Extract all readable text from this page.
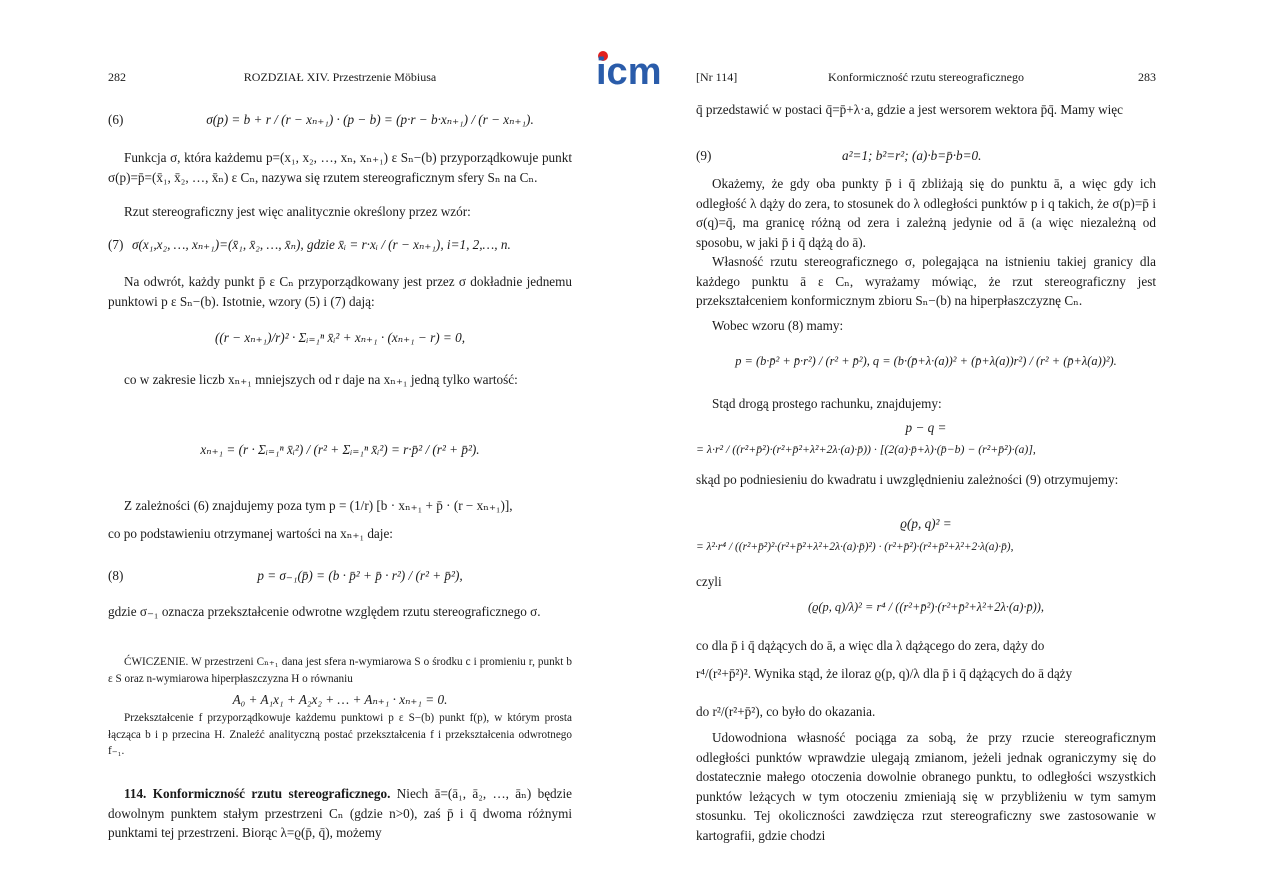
icm
282	ROZDZIAŁ XIV. Przestrzenie Möbiusa
(6)	σ(p) = b + r / (r − xₙ₊₁) · (p − b) = (p·r − b·xₙ₊₁) / (r − xₙ₊₁).
Funkcja σ, która każdemu p=(x₁, x₂, …, xₙ, xₙ₊₁) ε Sₙ−(b) przyporządkowuje punkt σ(p)=p̄=(x̄₁, x̄₂, …, x̄ₙ) ε Cₙ, nazywa się rzutem stereograficznym sfery Sₙ na Cₙ.
Rzut stereograficzny jest więc analitycznie określony przez wzór:
(7) σ(x₁,x₂, …, xₙ₊₁)=(x̄₁, x̄₂, …, x̄ₙ), gdzie x̄ᵢ = r·xᵢ / (r − xₙ₊₁), i=1, 2,…, n.
Na odwrót, każdy punkt p̄ ε Cₙ przyporządkowany jest przez σ dokładnie jednemu punktowi p ε Sₙ−(b). Istotnie, wzory (5) i (7) dają:
((r − xₙ₊₁)/r)² · Σᵢ₌₁ⁿ x̄ᵢ² + xₙ₊₁ · (xₙ₊₁ − r) = 0,
co w zakresie liczb xₙ₊₁ mniejszych od r daje na xₙ₊₁ jedną tylko wartość:
xₙ₊₁ = (r · Σᵢ₌₁ⁿ x̄ᵢ²) / (r² + Σᵢ₌₁ⁿ x̄ᵢ²) = r·p̄² / (r² + p̄²).
Z zależności (6) znajdujemy poza tym p = (1/r) [b · xₙ₊₁ + p̄ · (r − xₙ₊₁)],
co po podstawieniu otrzymanej wartości na xₙ₊₁ daje:
(8)	p = σ₋₁(p̄) = (b · p̄² + p̄ · r²) / (r² + p̄²),
gdzie σ₋₁ oznacza przekształcenie odwrotne względem rzutu stereograficznego σ.
ĆWICZENIE. W przestrzeni Cₙ₊₁ dana jest sfera n-wymiarowa S o środku c i promieniu r, punkt b ε S oraz n-wymiarowa hiperpłaszczyzna H o równaniu
A₀ + A₁x₁ + A₂x₂ + … + Aₙ₊₁ · xₙ₊₁ = 0.
Przekształcenie f przyporządkowuje każdemu punktowi p ε S−(b) punkt f(p), w którym prosta łącząca b i p przecina H. Znaleźć analityczną postać przekształcenia f i przekształcenia odwrotnego f₋₁.
114. Konformiczność rzutu stereograficznego. Niech ā=(ā₁, ā₂, …, āₙ) będzie dowolnym punktem stałym przestrzeni Cₙ (gdzie n>0), zaś p̄ i q̄ dwoma różnymi punktami tej przestrzeni. Biorąc λ=ϱ(p̄, q̄), możemy
[Nr 114]	Konformiczność rzutu stereograficznego	283
q̄ przedstawić w postaci q̄=p̄+λ·a, gdzie a jest wersorem wektora p̄q̄. Mamy więc
(9)	a²=1; b²=r²; (a)·b=p̄·b=0.
Okażemy, że gdy oba punkty p̄ i q̄ zbliżają się do punktu ā, a więc gdy ich odległość λ dąży do zera, to stosunek do λ odległości punktów p i q takich, że σ(p)=p̄ i σ(q)=q̄, ma granicę różną od zera i zależną jedynie od ā (a więc niezależną od sposobu, w jaki p̄ i q̄ dążą do ā).
Własność rzutu stereograficznego σ, polegająca na istnieniu takiej granicy dla każdego punktu ā ε Cₙ, wyrażamy mówiąc, że rzut stereograficzny jest przekształceniem konformicznym zbioru Sₙ−(b) na hiperpłaszczyznę Cₙ.
Wobec wzoru (8) mamy:
p = (b·p̄² + p̄·r²) / (r² + p̄²), q = (b·(p̄+λ·(a))² + (p̄+λ(a))r²) / (r² + (p̄+λ(a))²).
Stąd drogą prostego rachunku, znajdujemy:
p − q =
= λ·r² / ((r²+p̄²)·(r²+p̄²+λ²+2λ·(a)·p̄)) · [(2(a)·p̄+λ)·(p̄−b) − (r²+p̄²)·(a)],
skąd po podniesieniu do kwadratu i uwzględnieniu zależności (9) otrzymujemy:
ϱ(p, q)² =
= λ²·r⁴ / ((r²+p̄²)²·(r²+p̄²+λ²+2λ·(a)·p̄)²) · (r²+p̄²)·(r²+p̄²+λ²+2·λ(a)·p̄),
czyli
(ϱ(p, q)/λ)² = r⁴ / ((r²+p̄²)·(r²+p̄²+λ²+2λ·(a)·p̄)),
co dla p̄ i q̄ dążących do ā, a więc dla λ dążącego do zera, dąży do
r⁴/(r²+p̄²)². Wynika stąd, że iloraz ϱ(p, q)/λ dla p̄ i q̄ dążących do ā dąży
do r²/(r²+p̄²), co było do okazania.
Udowodniona własność pociąga za sobą, że przy rzucie stereograficznym odległości punktów wprawdzie ulegają zmianom, jeżeli jednak ograniczymy się do dostatecznie małego otoczenia dowolnie obranego punktu, to odległości wszystkich punktów leżących w tym otoczeniu zmieniają się w przybliżeniu w tym samym stosunku. Tej okoliczności zawdzięcza rzut stereograficzny swe zastosowanie w kartografii, gdzie chodzi
